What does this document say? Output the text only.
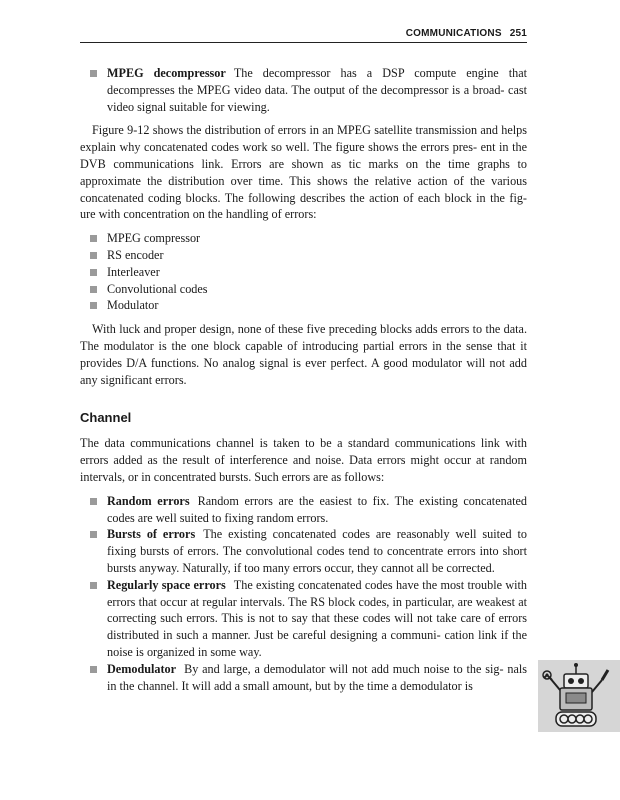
COMMUNICATIONS 251
MPEG decompressor The decompressor has a DSP compute engine that decompresses the MPEG video data. The output of the decompressor is a broad- cast video signal suitable for viewing.

Figure 9-12 shows the distribution of errors in an MPEG satellite transmission and helps explain why concatenated codes work so well. The figure shows the errors pres- ent in the DVB communications link. Errors are shown as tic marks on the time graphs to approximate the distribution over time. This shows the relative action of the various concatenated coding blocks. The following describes the action of each block in the fig- ure with concentration on the handling of errors:

MPEG compressor
RS encoder
Interleaver
Convolutional codes
Modulator

With luck and proper design, none of these five preceding blocks adds errors to the data. The modulator is the one block capable of introducing partial errors in the sense that it provides D/A functions. No analog signal is ever perfect. A good modulator will not add any significant errors.

Channel

The data communications channel is taken to be a standard communications link with errors added as the result of interference and noise. Data errors might occur at random intervals, or in concentrated bursts. Such errors are as follows:

Random errors Random errors are the easiest to fix. The existing concatenated codes are well suited to fixing random errors.
Bursts of errors The existing concatenated codes are reasonably well suited to fixing bursts of errors. The convolutional codes tend to concentrate errors into short bursts anyway. Naturally, if too many errors occur, they cannot all be corrected.
Regularly space errors The existing concatenated codes have the most trouble with errors that occur at regular intervals. The RS block codes, in particular, are weakest at correcting such errors. This is not to say that these codes will not take care of errors distributed in such a manner. Just be careful designing a communi- cation link if the noise is organized in some way.
Demodulator By and large, a demodulator will not add much noise to the sig- nals in the channel. It will add a small amount, but by the time a demodulator is
